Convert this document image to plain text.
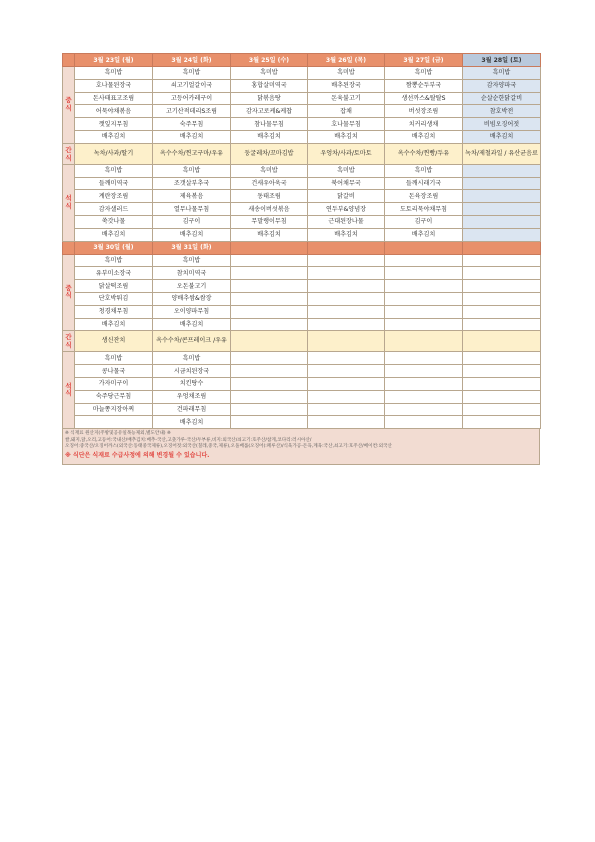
	3월 23일 (월)	3월 24일 (화)	3월 25일 (수)	3월 26일 (목)	3월 27일 (금)	3월 28일 (토)
중식	흑미밥	흑미밥	흑미밥	흑미밥	흑미밥	흑미밥
	호나물된장국	쇠고기얼갈이국	홍합살미역국	배추된장국	짬뽕순두부국	감자양파국
	돈사태표고조림	고등어카레구이	닭볶음탕	돈육불고기	생선까스&탈탈S	순살순한닭갈비
	어묵야채볶음	고기산적데리S조림	감자고로케&케찹	잡채	버섯장조림	참호박전
	깻잎지무침	숙주무침	참나물무침	호나물무침	치커리생채	비빔오징어젓
	배추김치	배추김치	배추김치	배추김치	배추김치	배추김치
간식	녹차/사과/딸기	옥수수차/찐고구마/우유	둥굴레차/꼬마김밥	우엉차/사과/토마토	옥수수차/찐빵/두유	녹차/제철과일 / 유산균음료
석식	흑미밥	흑미밥	흑미밥	흑미밥	흑미밥	
	들깨미역국	조갯살부추국	건새우아욱국	북어채무국	들깨시래기국	
	계란장조림	제육볶음	동태조림	닭갈비	돈육장조림	
	감자샐러드	열무나물무침	새송이버섯볶음	연두부&양념장	도토리묵야채무침	
	쑥갓나물	김구이	무말랭이무침	근대된장나물	김구이	
	배추김치	배추김치	배추김치	배추김치	배추김치	
	3월 30일 (월)	3월 31일 (화)				
중식	흑미밥	흑미밥				
	유부미소장국	참치미역국				
	닭살떡조림	오돈불고기				
	단호박튀김	양배추쌈&쌈장				
	청경채무침	오이양파무침				
	배추김치	배추김치				
간식	생신잔치	옥수수차/콘프레이크 /우유				
석식	흑미밥	흑미밥				
	콩나물국	시금치된장국				
	가자미구이	치킨탕수				
	숙주당근무침	우엉채조림				
	마늘쫑지장아찌	건파래무침				
		배추김치				
※ 식재료 원산지(주방및공유일목능제외,별도안내) ※
쌀,돼지,닭,오리,고등어:국내산/배추김치:배추-국산,고춧가루-국산/두부류,비지:외국산/쇠고기:호주산/참게,코다리:러시아산/
오징어:중국산/오징어까스(외국산:동태중국제류),오징어젓:외국산(칠레,중국,제류),오돌배롤(오징어(:페루산)/식육가공-돈육,계육:국산,쇠고기:호주산/베이컨:외국산
※ 식단은 식재료 수급사정에 의해 변경될 수 있습니다.
